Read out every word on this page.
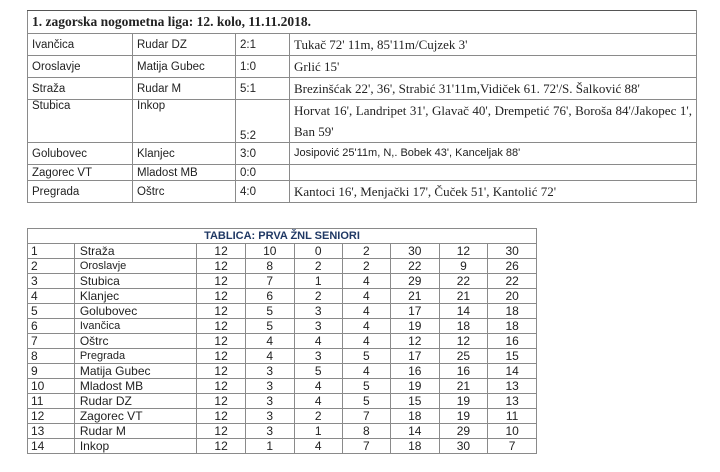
1. zagorska nogometna liga: 12. kolo, 11.11.2018.			
Ivančica	Rudar DZ	2:1	Tukač 72' 11m, 85'11m/Cujzek 3'
Oroslavje	Matija Gubec	1:0	Grlić 15'
Straža	Rudar M	5:1	Brezinšćak 22', 36', Strabić 31'11m,Vidiček 61. 72'/S. Šalković 88'
Stubica	Inkop	5:2	Horvat 16', Landripet 31', Glavač 40', Drempetić 76', Boroša 84'/Jakopec 1', Ban 59'
Golubovec	Klanjec	3:0	Josipović 25'11m, N,. Bobek 43', Kanceljak 88'
Zagorec VT	Mladost MB	0:0	
Pregrada	Oštrc	4:0	Kantoci 16', Menjački 17', Čuček 51', Kantolić 72'
TABLICA: PRVA ŽNL SENIORI								
1	Straža	12	10	0	2	30	12	30
2	Oroslavje	12	8	2	2	22	9	26
3	Stubica	12	7	1	4	29	22	22
4	Klanjec	12	6	2	4	21	21	20
5	Golubovec	12	5	3	4	17	14	18
6	Ivančica	12	5	3	4	19	18	18
7	Oštrc	12	4	4	4	12	12	16
8	Pregrada	12	4	3	5	17	25	15
9	Matija Gubec	12	3	5	4	16	16	14
10	Mladost MB	12	3	4	5	19	21	13
11	Rudar DZ	12	3	4	5	15	19	13
12	Zagorec VT	12	3	2	7	18	19	11
13	Rudar M	12	3	1	8	14	29	10
14	Inkop	12	1	4	7	18	30	7
